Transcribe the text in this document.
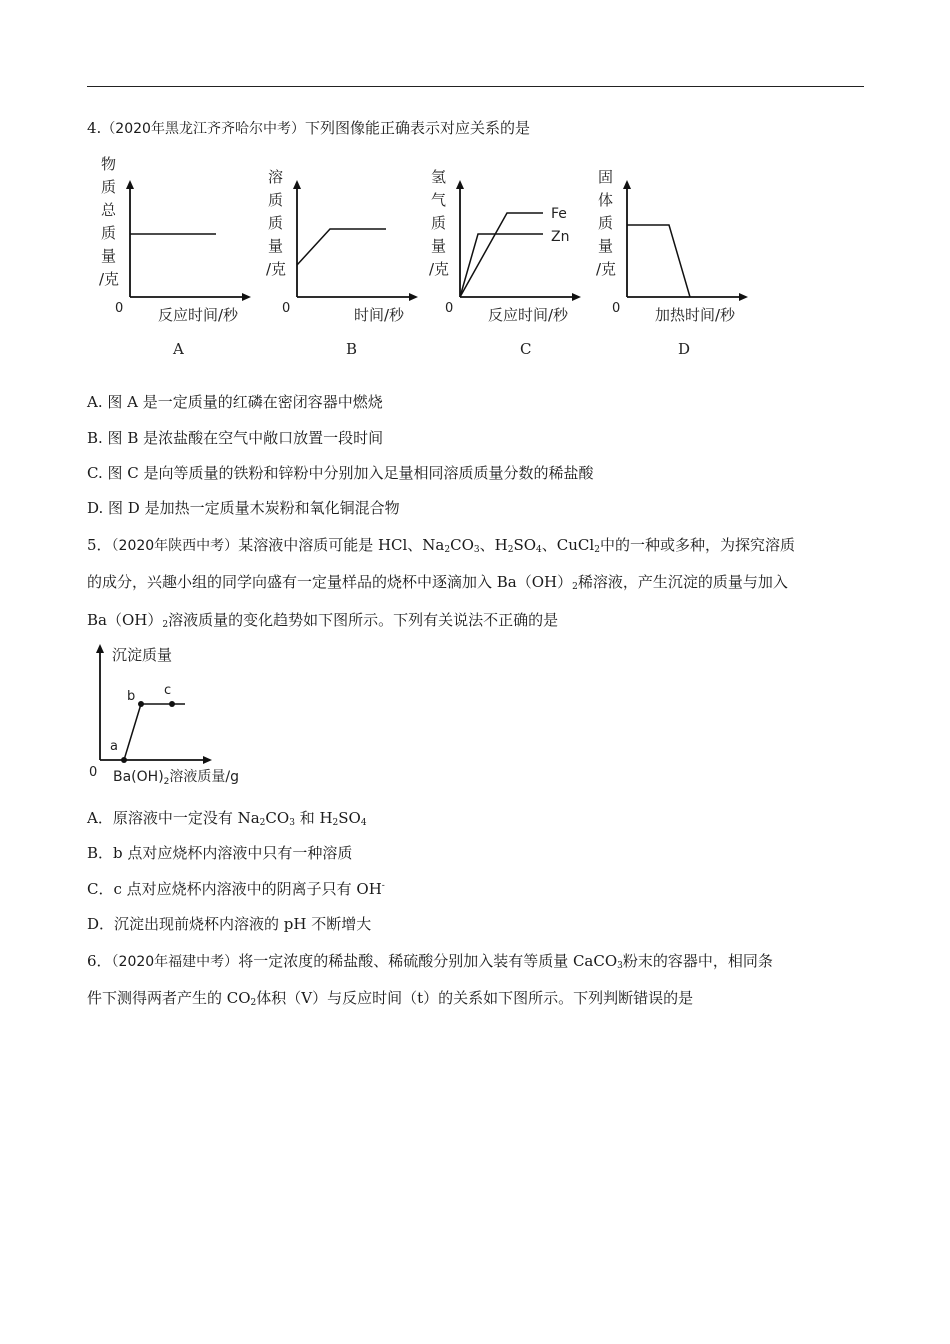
4.（2020年黑龙江齐齐哈尔中考）下列图像能正确表示对应关系的是
物
质
总
质
量
/克
0 反应时间/秒
A
溶
质
质
量
/克
0	时间/秒
B
氢
气
质
量
/克
Fe
Zn
0 反应时间/秒
C
固
体
质
量
/克
0 加热时间/秒
D
A. 图 A 是一定质量的红磷在密闭容器中燃烧
B. 图 B 是浓盐酸在空气中敞口放置一段时间
C. 图 C 是向等质量的铁粉和锌粉中分别加入足量相同溶质质量分数的稀盐酸
D. 图 D 是加热一定质量木炭粉和氧化铜混合物
5．（2020年陕西中考）某溶液中溶质可能是 HCl、$Na_2CO_3$、$H_2SO_4$、CuCl$_2$中的一种或多种，为探究溶质
的成分，兴趣小组的同学向盛有一定量样品的烧杯中逐滴加入 $Ba(OH)_2$稀溶液，产生沉淀的质量与加入
$Ba(OH)_2$溶液质量的变化趋势如下图所示。下列有关说法不正确的是
沉淀质量
a
b c
0 $Ba(OH)_2$溶液质量/g
A．原溶液中一定没有 $Na_2CO_3$ 和 $H_2SO_4$
B．b 点对应烧杯内溶液中只有一种溶质
C．c 点对应烧杯内溶液中的阴离子只有 OH-
D．沉淀出现前烧杯内溶液的 pH 不断增大
6．（2020年福建中考）将一定浓度的稀盐酸、稀硫酸分别加入装有等质量 CaCO$_3$粉末的容器中，相同条
件下测得两者产生的 $CO_2$体积（V）与反应时间（t）的关系如下图所示。下列判断错误的是
